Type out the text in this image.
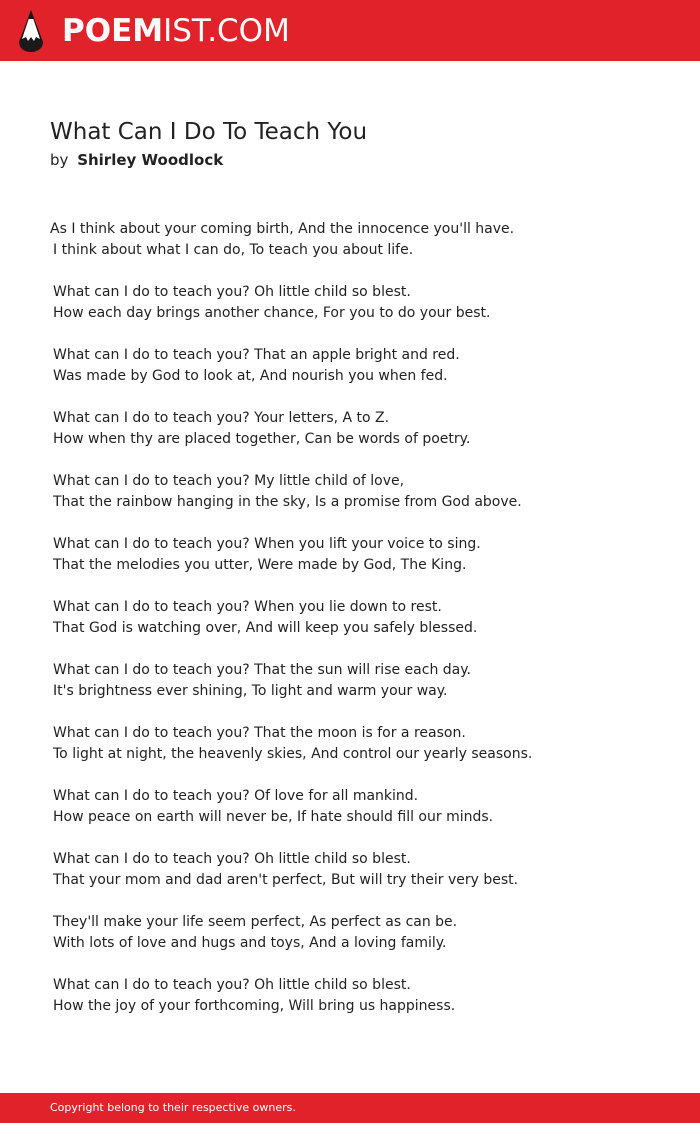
POEMIST.COM
What Can I Do To Teach You
by Shirley Woodlock
As I think about your coming birth, And the innocence you'll have.
I think about what I can do, To teach you about life.
What can I do to teach you? Oh little child so blest.
How each day brings another chance, For you to do your best.
What can I do to teach you? That an apple bright and red.
Was made by God to look at, And nourish you when fed.
What can I do to teach you? Your letters, A to Z.
How when thy are placed together, Can be words of poetry.
What can I do to teach you? My little child of love,
That the rainbow hanging in the sky, Is a promise from God above.
What can I do to teach you? When you lift your voice to sing.
That the melodies you utter, Were made by God, The King.
What can I do to teach you? When you lie down to rest.
That God is watching over, And will keep you safely blessed.
What can I do to teach you? That the sun will rise each day.
It's brightness ever shining, To light and warm your way.
What can I do to teach you? That the moon is for a reason.
To light at night, the heavenly skies, And control our yearly seasons.
What can I do to teach you? Of love for all mankind.
How peace on earth will never be, If hate should fill our minds.
What can I do to teach you? Oh little child so blest.
That your mom and dad aren't perfect, But will try their very best.
They'll make your life seem perfect, As perfect as can be.
With lots of love and hugs and toys, And a loving family.
What can I do to teach you? Oh little child so blest.
How the joy of your forthcoming, Will bring us happiness.
Copyright belong to their respective owners.
